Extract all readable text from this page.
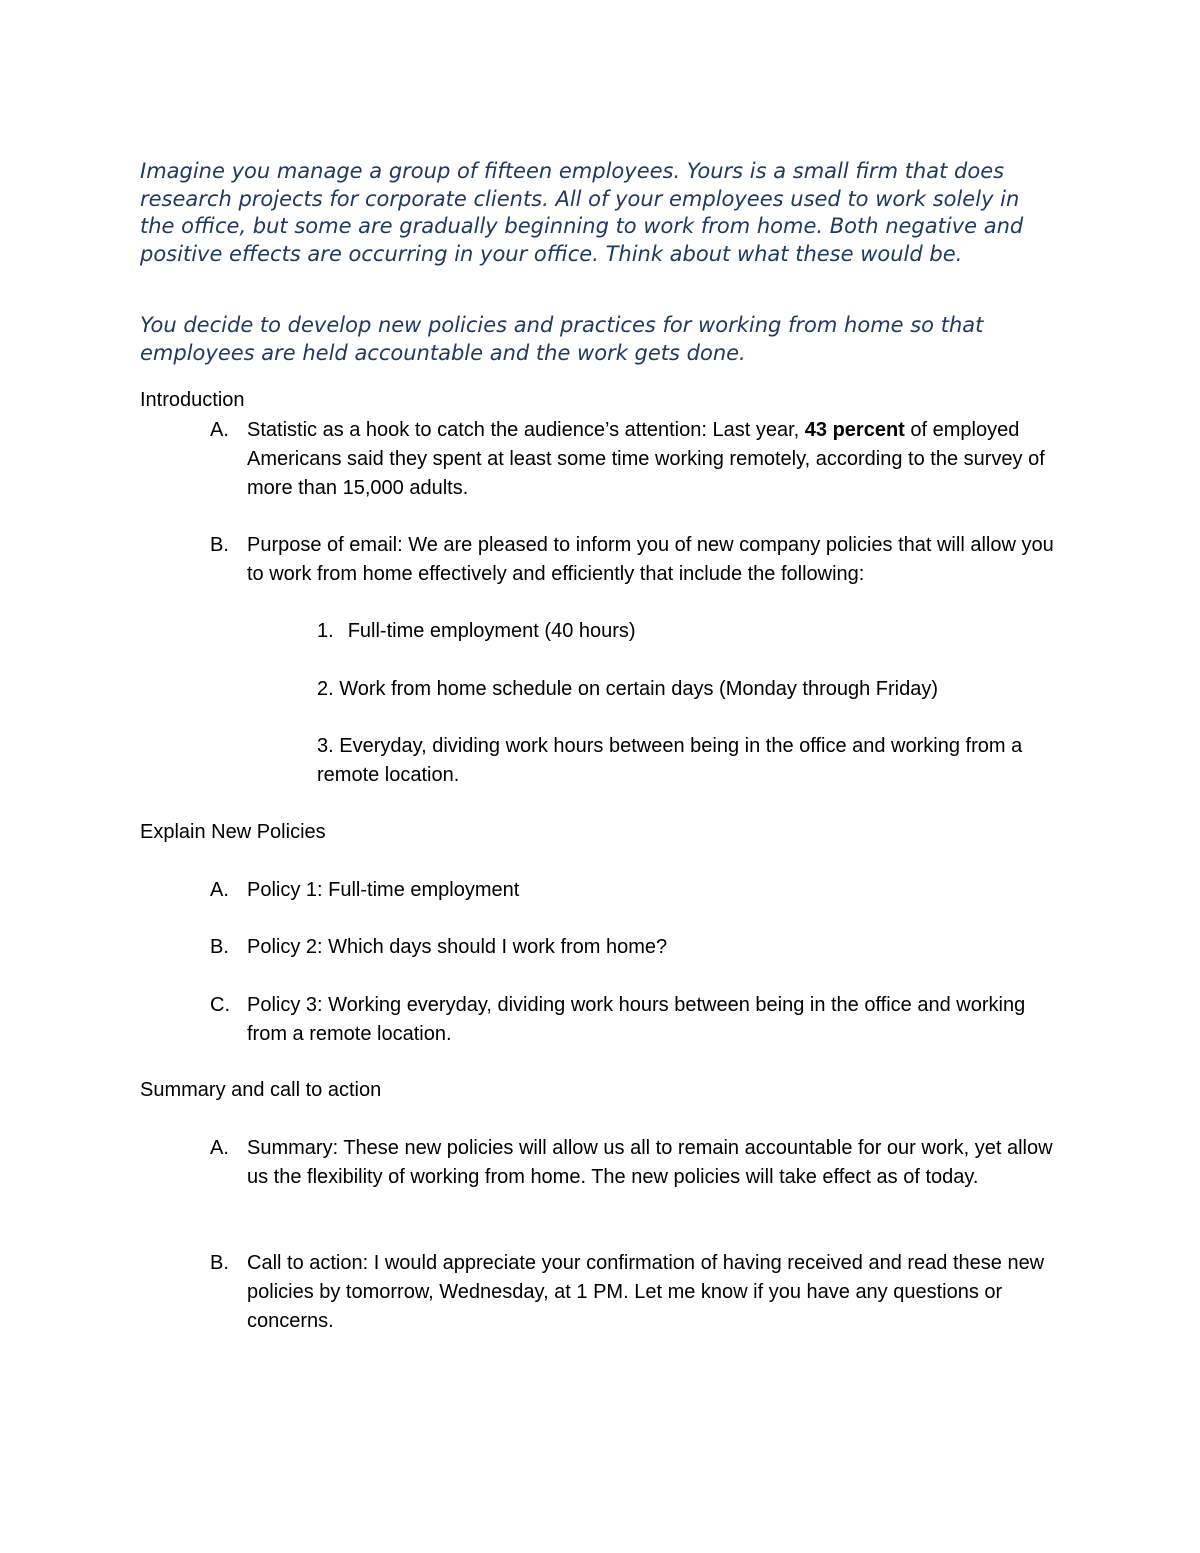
Imagine you manage a group of fifteen employees. Yours is a small firm that does research projects for corporate clients. All of your employees used to work solely in the office, but some are gradually beginning to work from home. Both negative and positive effects are occurring in your office. Think about what these would be.

You decide to develop new policies and practices for working from home so that employees are held accountable and the work gets done.

Introduction

A. Statistic as a hook to catch the audience’s attention: Last year, 43 percent of employed Americans said they spent at least some time working remotely, according to the survey of more than 15,000 adults.
B. Purpose of email: We are pleased to inform you of new company policies that will allow you to work from home effectively and efficiently that include the following:

1. Full-time employment (40 hours)

2. Work from home schedule on certain days (Monday through Friday)

3. Everyday, dividing work hours between being in the office and working from a remote location.

Explain New Policies

A. Policy 1: Full-time employment
B. Policy 2: Which days should I work from home?
C. Policy 3: Working everyday, dividing work hours between being in the office and working from a remote location.

Summary and call to action

A. Summary: These new policies will allow us all to remain accountable for our work, yet allow us the flexibility of working from home. The new policies will take effect as of today.
B. Call to action: I would appreciate your confirmation of having received and read these new policies by tomorrow, Wednesday, at 1 PM. Let me know if you have any questions or concerns.
